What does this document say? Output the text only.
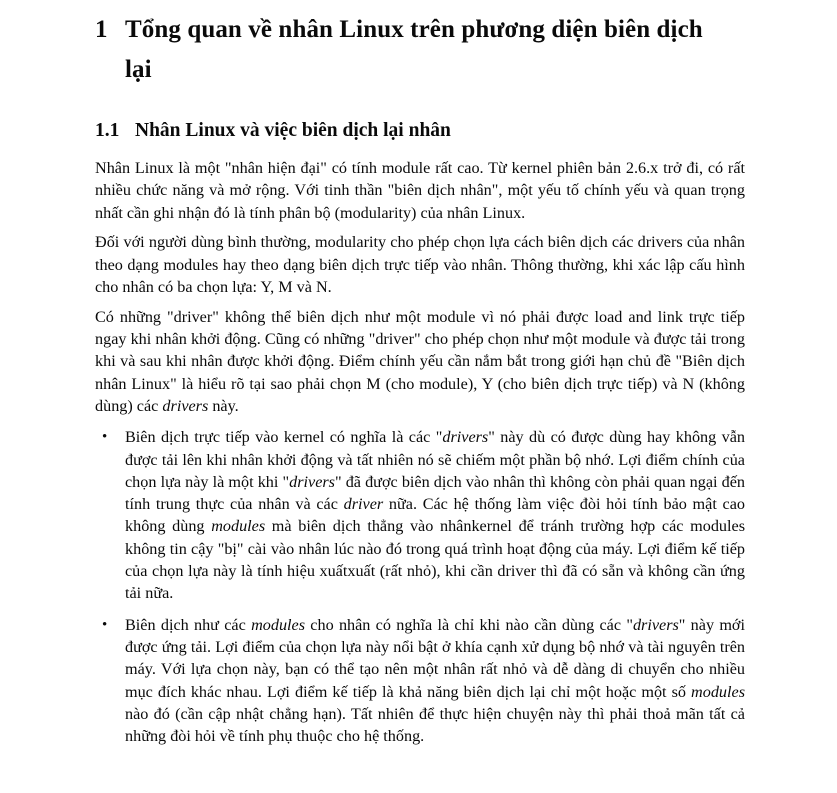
1 Tổng quan về nhân Linux trên phương diện biên dịch lại
1.1 Nhân Linux và việc biên dịch lại nhân

Nhân Linux là một "nhân hiện đại" có tính module rất cao. Từ kernel phiên bản 2.6.x trở đi, có rất nhiều chức năng và mở rộng. Với tinh thần "biên dịch nhân", một yếu tố chính yếu và quan trọng nhất cần ghi nhận đó là tính phân bộ (modularity) của nhân Linux.

Đối với người dùng bình thường, modularity cho phép chọn lựa cách biên dịch các drivers của nhân theo dạng modules hay theo dạng biên dịch trực tiếp vào nhân. Thông thường, khi xác lập cấu hình cho nhân có ba chọn lựa: Y, M và N.

Có những "driver" không thể biên dịch như một module vì nó phải được load and link trực tiếp ngay khi nhân khởi động. Cũng có những "driver" cho phép chọn như một module và được tải trong khi và sau khi nhân được khởi động. Điểm chính yếu cần nắm bắt trong giới hạn chủ đề "Biên dịch nhân Linux" là hiểu rõ tại sao phải chọn M (cho module), Y (cho biên dịch trực tiếp) và N (không dùng) các drivers này.

• Biên dịch trực tiếp vào kernel có nghĩa là các "drivers" này dù có được dùng hay không vẫn được tải lên khi nhân khởi động và tất nhiên nó sẽ chiếm một phần bộ nhớ. Lợi điểm chính của chọn lựa này là một khi "drivers" đã được biên dịch vào nhân thì không còn phải quan ngại đến tính trung thực của nhân và các driver nữa. Các hệ thống làm việc đòi hỏi tính bảo mật cao không dùng modules mà biên dịch thẳng vào nhânkernel để tránh trường hợp các modules không tin cậy "bị" cài vào nhân lúc nào đó trong quá trình hoạt động của máy. Lợi điểm kế tiếp của chọn lựa này là tính hiệu xuấtxuất (rất nhỏ), khi cần driver thì đã có sẵn và không cần ứng tải nữa.
• Biên dịch như các modules cho nhân có nghĩa là chỉ khi nào cần dùng các "drivers" này mới được ứng tải. Lợi điểm của chọn lựa này nổi bật ở khía cạnh xử dụng bộ nhớ và tài nguyên trên máy. Với lựa chọn này, bạn có thể tạo nên một nhân rất nhỏ và dễ dàng di chuyển cho nhiều mục đích khác nhau. Lợi điểm kế tiếp là khả năng biên dịch lại chỉ một hoặc một số modules nào đó (cần cập nhật chẳng hạn). Tất nhiên để thực hiện chuyện này thì phải thoả mãn tất cả những đòi hỏi về tính phụ thuộc cho hệ thống.
